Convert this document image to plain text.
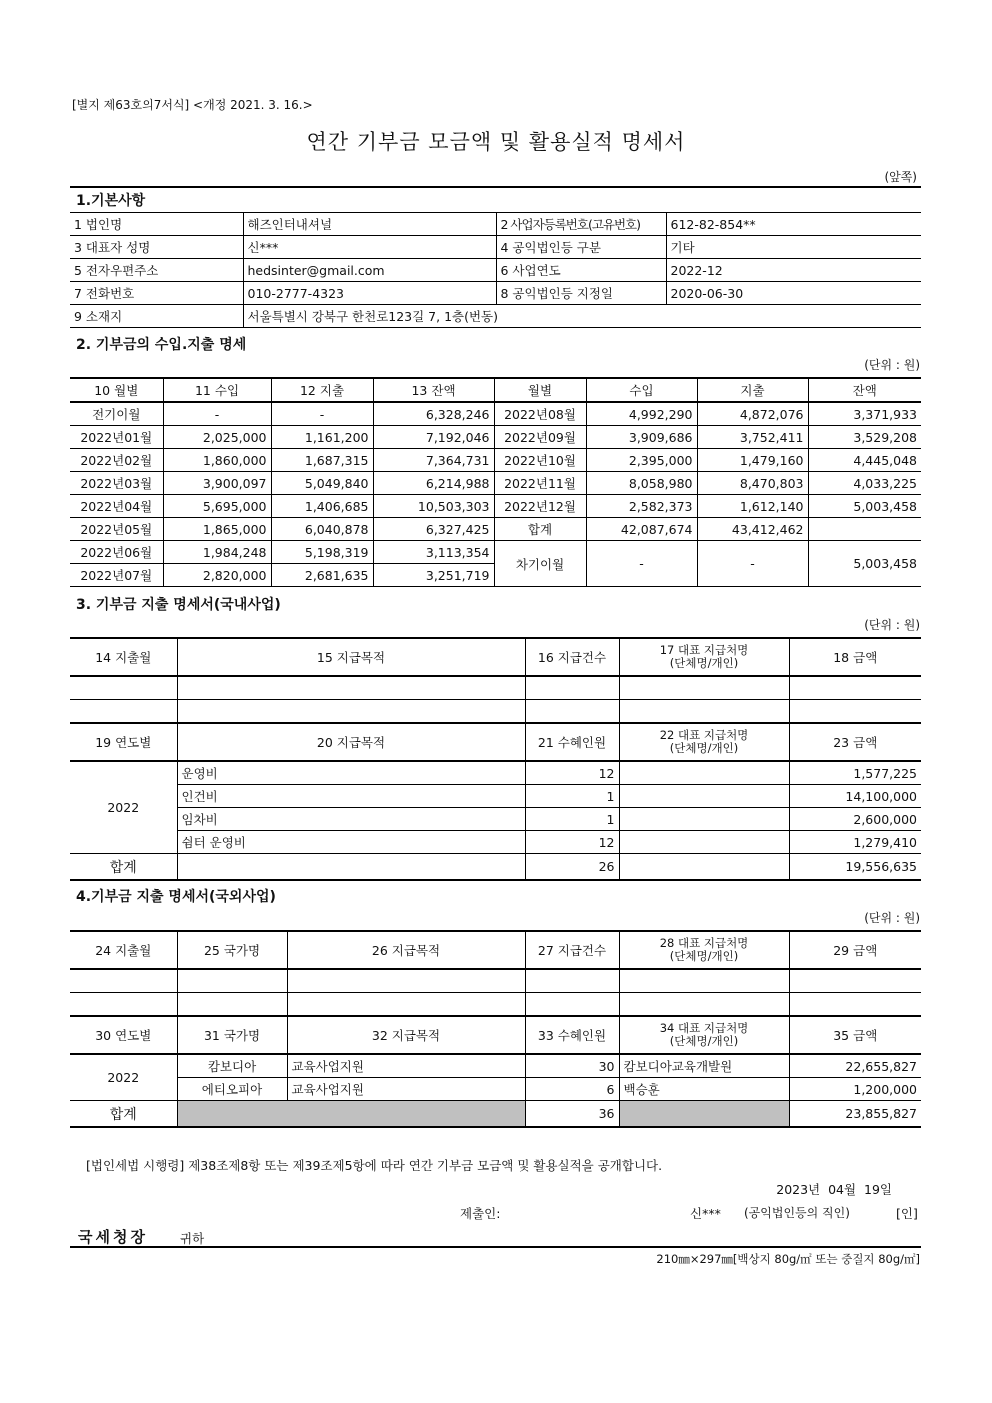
[별지 제63호의7서식] <개정 2021. 3. 16.>
연간 기부금 모금액 및 활용실적 명세서
(앞쪽)
1.기본사항
1 법인명	해즈인터내셔널	2 사업자등록번호(고유번호)	612-82-854**
3 대표자 성명	신***	4 공익법인등 구분	기타
5 전자우편주소	hedsinter@gmail.com	6 사업연도	2022-12
7 전화번호	010-2777-4323	8 공익법인등 지정일	2020-06-30
9 소재지	서울특별시 강북구 한천로123길 7, 1층(번동)		
2. 기부금의 수입.지출 명세
(단위 : 원)
10 월별	11 수입	12 지출	13 잔액	월별	수입	지출	잔액
전기이월	-	-	6,328,246	2022년08월	4,992,290	4,872,076	3,371,933
2022년01월	2,025,000	1,161,200	7,192,046	2022년09월	3,909,686	3,752,411	3,529,208
2022년02월	1,860,000	1,687,315	7,364,731	2022년10월	2,395,000	1,479,160	4,445,048
2022년03월	3,900,097	5,049,840	6,214,988	2022년11월	8,058,980	8,470,803	4,033,225
2022년04월	5,695,000	1,406,685	10,503,303	2022년12월	2,582,373	1,612,140	5,003,458
2022년05월	1,865,000	6,040,878	6,327,425	합계	42,087,674	43,412,462	
2022년06월	1,984,248	5,198,319	3,113,354	차기이월	-	-	5,003,458
2022년07월	2,820,000	2,681,635	3,251,719				
3. 기부금 지출 명세서(국내사업)
(단위 : 원)
14 지출월	15 지급목적	16 지급건수	17 대표 지급처명
(단체명/개인)	18 금액

19 연도별	20 지급목적	21 수혜인원	22 대표 지급처명
(단체명/개인)	23 금액
2022	운영비	12		1,577,225
	인건비	1		14,100,000
	임차비	1		2,600,000
	쉼터 운영비	12		1,279,410
합계		26		19,556,635
4.기부금 지출 명세서(국외사업)
(단위 : 원)
24 지출월	25 국가명	26 지급목적	27 지급건수	28 대표 지급처명
(단체명/개인)	29 금액

30 연도별	31 국가명	32 지급목적	33 수혜인원	34 대표 지급처명
(단체명/개인)	35 금액
2022	캄보디아	교육사업지원	30	캄보디아교육개발원	22,655,827
	에티오피아	교육사업지원	6	백승훈	1,200,000
합계			36		23,855,827
[법인세법 시행령] 제38조제8항 또는 제39조제5항에 따라 연간 기부금 모금액 및 활용실적을 공개합니다.
2023년  04월  19일
제출인:	신*** (공익법인등의 직인)	[인]
국세청장	귀하
210㎜×297㎜[백상지 80g/㎡ 또는 중질지 80g/㎡]
